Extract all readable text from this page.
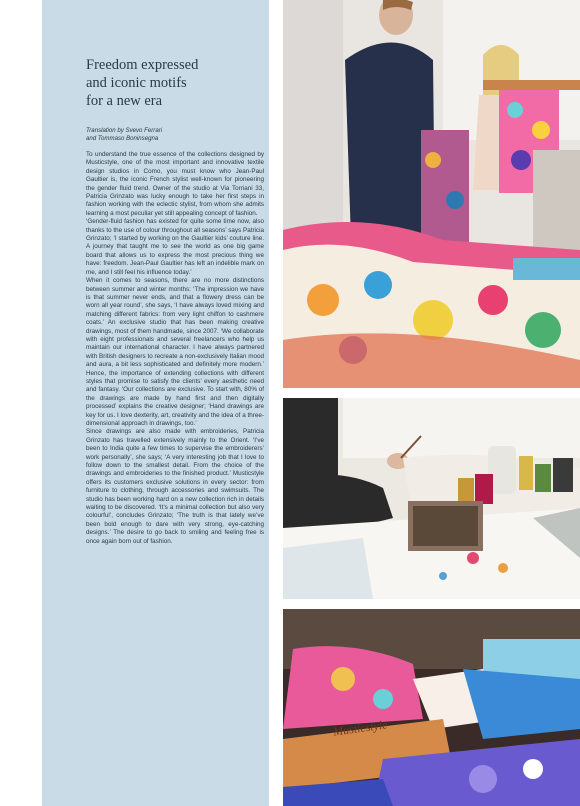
Freedom expressed
and iconic motifs
for a new era

Translation by Svevo Ferrari
and Tommaso Boninsegna

To understand the true essence of the collections designed by Musticstyle, one of the most important and innovative textile design studios in Como, you must know who Jean-Paul Gaultier is, the iconic French stylist well-known for pioneering the gender fluid trend. Owner of the studio at Via Torriani 33, Patricia Grinzato was lucky enough to take her first steps in fashion working with the eclectic stylist, from whom she admits learning a most peculiar yet still appealing concept of fashion.

‘Gender-fluid fashion has existed for quite some time now, also thanks to the use of colour throughout all seasons’ says Patricia Grinzato; ‘I started by working on the Gaultier kids’ couture line. A journey that taught me to see the world as one big game board that allows us to express the most precious thing we have: freedom. Jean-Paul Gaultier has left an indelible mark on me, and I still feel his influence today.’

When it comes to seasons, there are no more distinctions between summer and winter months: ‘The impression we have is that summer never ends, and that a flowery dress can be worn all year round’, she says, ‘I have always loved mixing and matching different fabrics: from very light chiffon to cashmere coats.’ An exclusive studio that has been making creative drawings, most of them handmade, since 2007. ‘We collaborate with eight professionals and several freelancers who help us maintain our international character. I have always partnered with British designers to recreate a non-exclusively Italian mood and aura, a bit less sophisticated and definitely more modern.’ Hence, the importance of extending collections with different styles that promise to satisfy the clients’ every aesthetic need and fantasy. ‘Our collections are exclusive. To start with, 80% of the drawings are made by hand first and then digitally processed’ explains the creative designer; ‘Hand drawings are key for us. I love dexterity, art, creativity and the idea of a three-dimensional approach in drawings, too.’

Since drawings are also made with embroideries, Patricia Grinzato has travelled extensively mainly to the Orient. ‘I’ve been to India quite a few times to supervise the embroiderers’ work personally’, she says; ‘A very interesting job that I love to follow down to the smallest detail. From the choice of the drawings and embroideries to the finished product.’ Musticstyle offers its customers exclusive solutions in every sector: from furniture to clothing, through accessories and swimsuits. The studio has been working hard on a new collection rich in details waiting to be discovered. ‘It’s a minimal collection but also very colourful’, concludes Grinzato; ‘The truth is that lately we’ve been bold enough to dare with very strong, eye-catching designs.’ The desire to go back to smiling and feeling free is once again born out of fashion.

Musticstyle
